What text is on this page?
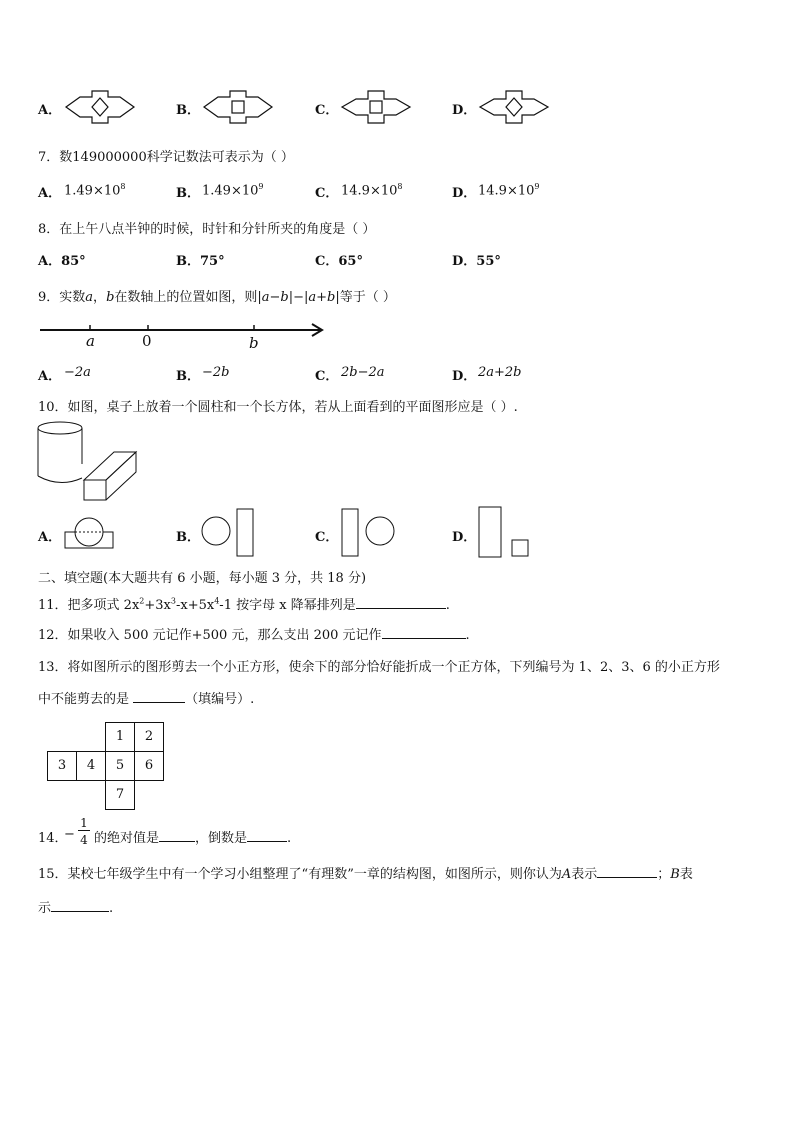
A．	B．	C．	D．
7．数149000000科学记数法可表示为（ ）
A． $1.49\times 10^8$	B． $1.49\times 10^9$	C． $14.9\times 10^8$	D． $14.9\times 10^9$
8．在上午八点半钟的时候，时针和分针所夹的角度是（ ）
A．85°	B．75°	C．65°	D．55°
9．实数a，b在数轴上的位置如图，则|a−b|−|a+b|等于（ ）
a	0	b
A． −2a	B． −2b	C． 2b−2a	D． 2a+2b
10．如图，桌子上放着一个圆柱和一个长方体，若从上面看到的平面图形应是（ ）.
A．	B．	C．	D．
二、填空题(本大题共有 6 小题，每小题 3 分，共 18 分)
11．把多项式 $2x^2+3x^3-x+5x^4-1$ 按字母 x 降幂排列是	.
12．如果收入 500 元记作+500 元，那么支出 200 元记作	.
13．将如图所示的图形剪去一个小正方形，使余下的部分恰好能折成一个正方体，下列编号为 1、2、3、6 的小正方形
中不能剪去的是	（填编号）.
1	2
3	4	5	6
7
14．
−
1
4 的绝对值是	，倒数是	.
15．某校七年级学生中有一个学习小组整理了“有理数”一章的结构图，如图所示，则你认为A表示	；B表
示	.
